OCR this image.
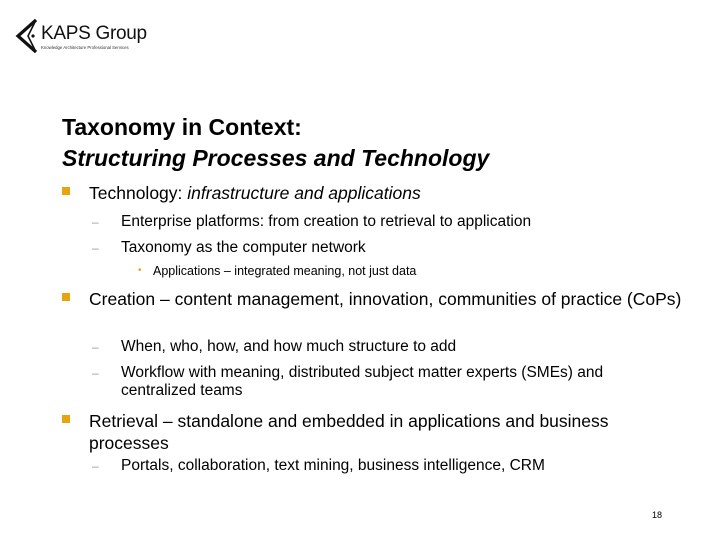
KAPS Group
Knowledge Architecture Professional Services
Taxonomy in Context:
Structuring Processes and Technology
Technology: infrastructure and applications
– Enterprise platforms: from creation to retrieval to application
– Taxonomy as the computer network
• Applications – integrated meaning, not just data
Creation – content management, innovation, communities of practice (CoPs)
– When, who, how, and how much structure to add
– Workflow with meaning, distributed subject matter experts (SMEs) and centralized teams
Retrieval – standalone and embedded in applications and business processes
– Portals, collaboration, text mining, business intelligence, CRM
18
